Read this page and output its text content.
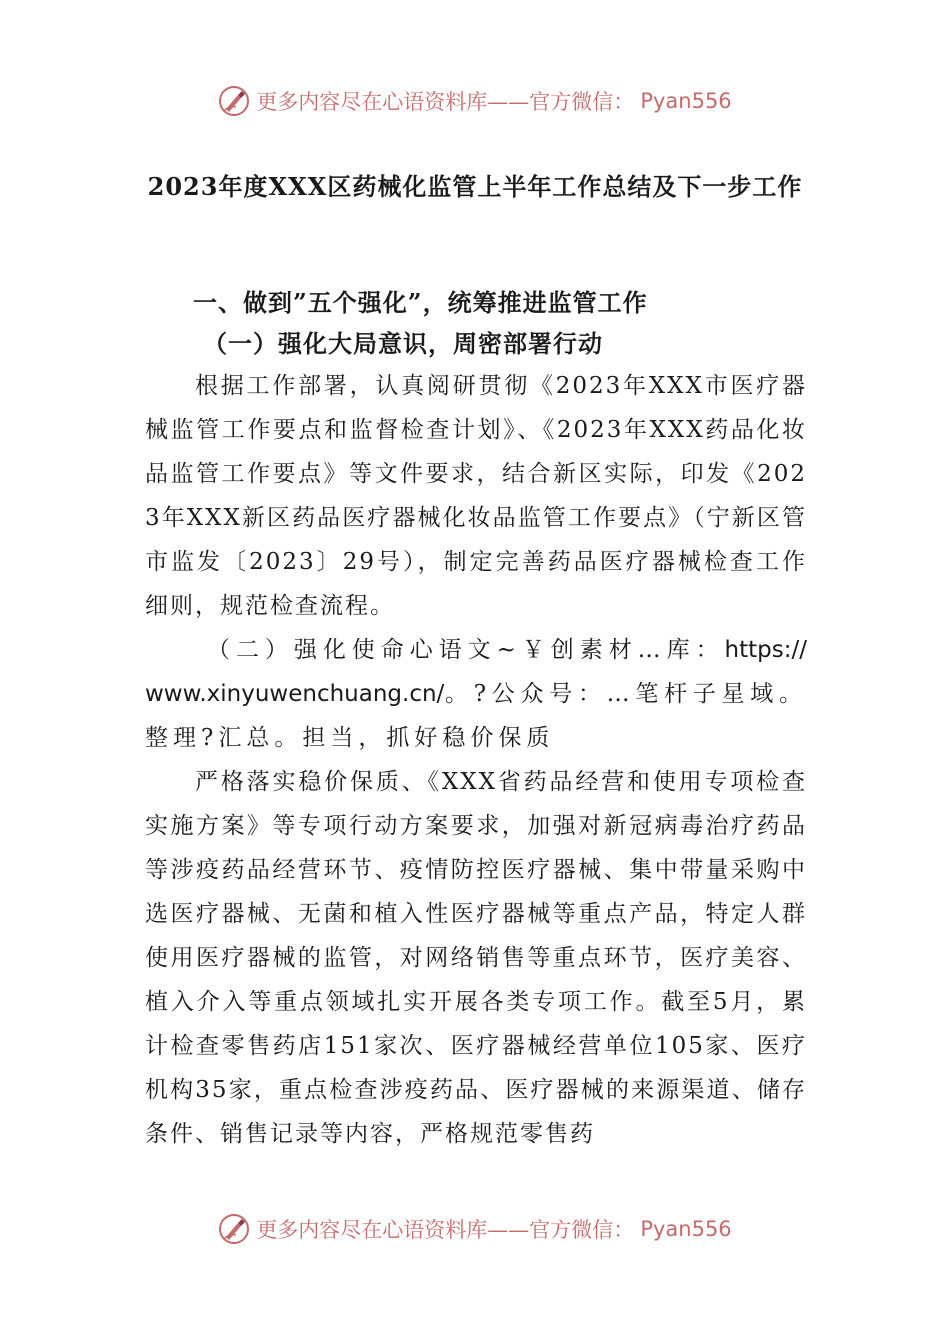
更多内容尽在心语资料库——官方微信： Pyan556
2023年度XXX区药械化监管上半年工作总结及下一步工作

一、做到”五个强化”，统筹推进监管工作

（一）强化大局意识，周密部署行动

根据工作部署，认真阅研贯彻《2023年XXX市医疗器械监管工作要点和监督检查计划》、《2023年XXX药品化妆品监管工作要点》等文件要求，结合新区实际，印发《2023年XXX新区药品医疗器械化妆品监管工作要点》（宁新区管市监发〔2023〕29号），制定完善药品医疗器械检查工作细则，规范检查流程。

（二）强化使命心语文~￥创素材…库：https://www.xinyuwenchuang.cn/。?公众号：…笔杆子星域。整理?汇总。担当，抓好稳价保质

严格落实稳价保质、《XXX省药品经营和使用专项检查实施方案》等专项行动方案要求，加强对新冠病毒治疗药品等涉疫药品经营环节、疫情防控医疗器械、集中带量采购中选医疗器械、无菌和植入性医疗器械等重点产品，特定人群使用医疗器械的监管，对网络销售等重点环节，医疗美容、植入介入等重点领域扎实开展各类专项工作。截至5月，累计检查零售药店151家次、医疗器械经营单位105家、医疗机构35家，重点检查涉疫药品、医疗器械的来源渠道、储存条件、销售记录等内容，严格规范零售药

更多内容尽在心语资料库——官方微信： Pyan556
